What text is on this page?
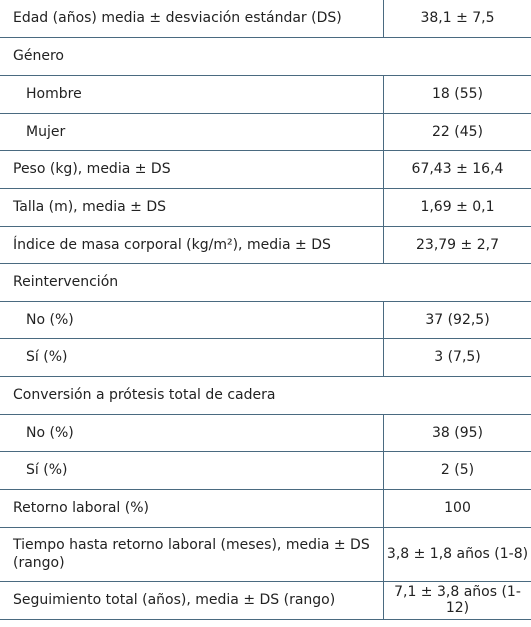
Edad (años) media ± desviación estándar (DS)	38,1 ± 7,5
Género	
Hombre	18 (55)
Mujer	22 (45)
Peso (kg), media ± DS	67,43 ± 16,4
Talla (m), media ± DS	1,69 ± 0,1
Índice de masa corporal (kg/m²), media ± DS	23,79 ± 2,7
Reintervención	
No (%)	37 (92,5)
Sí (%)	3 (7,5)
Conversión a prótesis total de cadera	
No (%)	38 (95)
Sí (%)	2 (5)
Retorno laboral (%)	100
Tiempo hasta retorno laboral (meses), media ± DS (rango)	3,8 ± 1,8 años (1-8)
Seguimiento total (años), media ± DS (rango)	7,1 ± 3,8 años (1-12)
